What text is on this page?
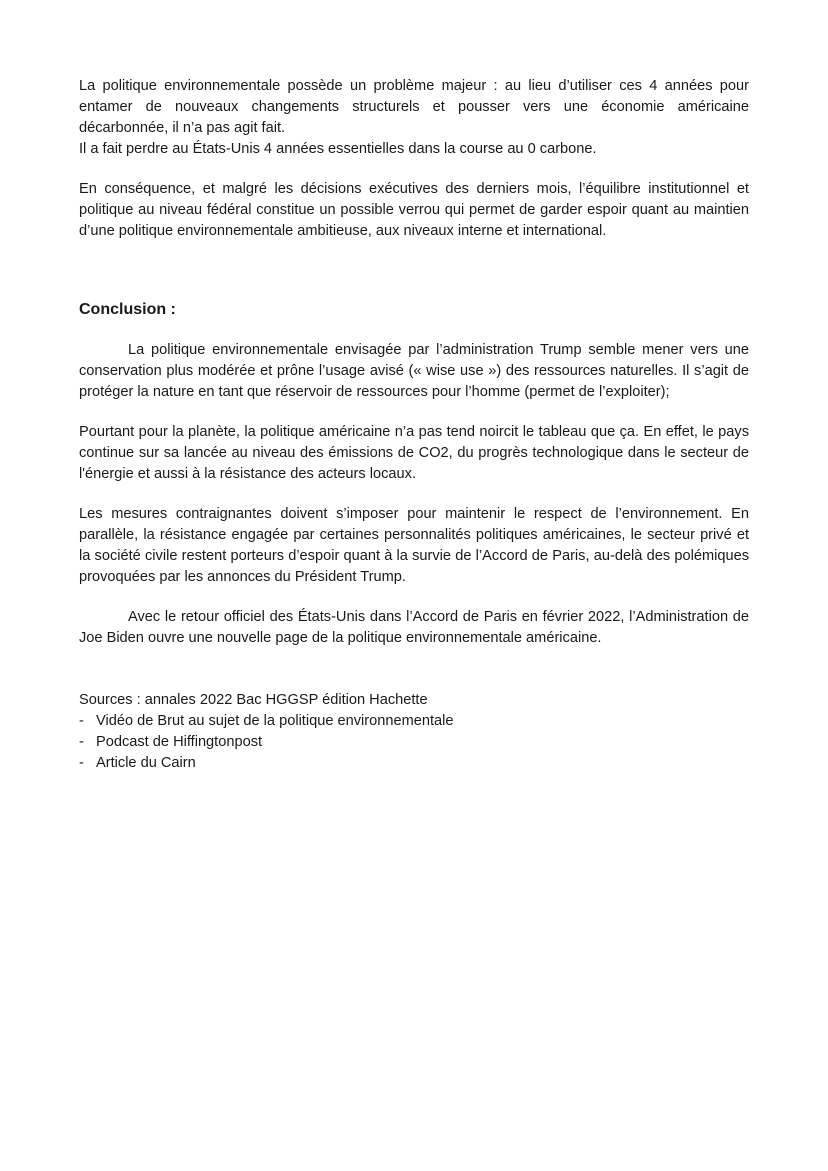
La politique environnementale possède un problème majeur : au lieu d’utiliser ces 4 années pour entamer de nouveaux changements structurels et pousser vers une économie américaine décarbonnée, il n’a pas agit fait.

Il a fait perdre au États-Unis 4 années essentielles dans la course au 0 carbone.

En conséquence, et malgré les décisions exécutives des derniers mois, l’équilibre institutionnel et politique au niveau fédéral constitue un possible verrou qui permet de garder espoir quant au maintien d’une politique environnementale ambitieuse, aux niveaux interne et international.

Conclusion :

La politique environnementale envisagée par l’administration Trump semble mener vers une conservation plus modérée et prône l’usage avisé (« wise use ») des ressources naturelles. Il s’agit de protéger la nature en tant que réservoir de ressources pour l’homme (permet de l’exploiter);

Pourtant pour la planète, la politique américaine n’a pas tend noircit le tableau que ça. En effet, le pays continue sur sa lancée au niveau des émissions de CO2, du progrès technologique dans le secteur de l'énergie et aussi à la résistance des acteurs locaux.

Les mesures contraignantes doivent s’imposer pour maintenir le respect de l’environnement. En parallèle, la résistance engagée par certaines personnalités politiques américaines, le secteur privé et la société civile restent porteurs d’espoir quant à la survie de l’Accord de Paris, au-delà des polémiques provoquées par les annonces du Président Trump.

Avec le retour officiel des États-Unis dans l’Accord de Paris en février 2022, l’Administration de Joe Biden ouvre une nouvelle page de la politique environnementale américaine.

Sources : annales 2022 Bac HGGSP édition Hachette

- Vidéo de Brut au sujet de la politique environnementale
- Podcast de Hiffingtonpost
- Article du Cairn
